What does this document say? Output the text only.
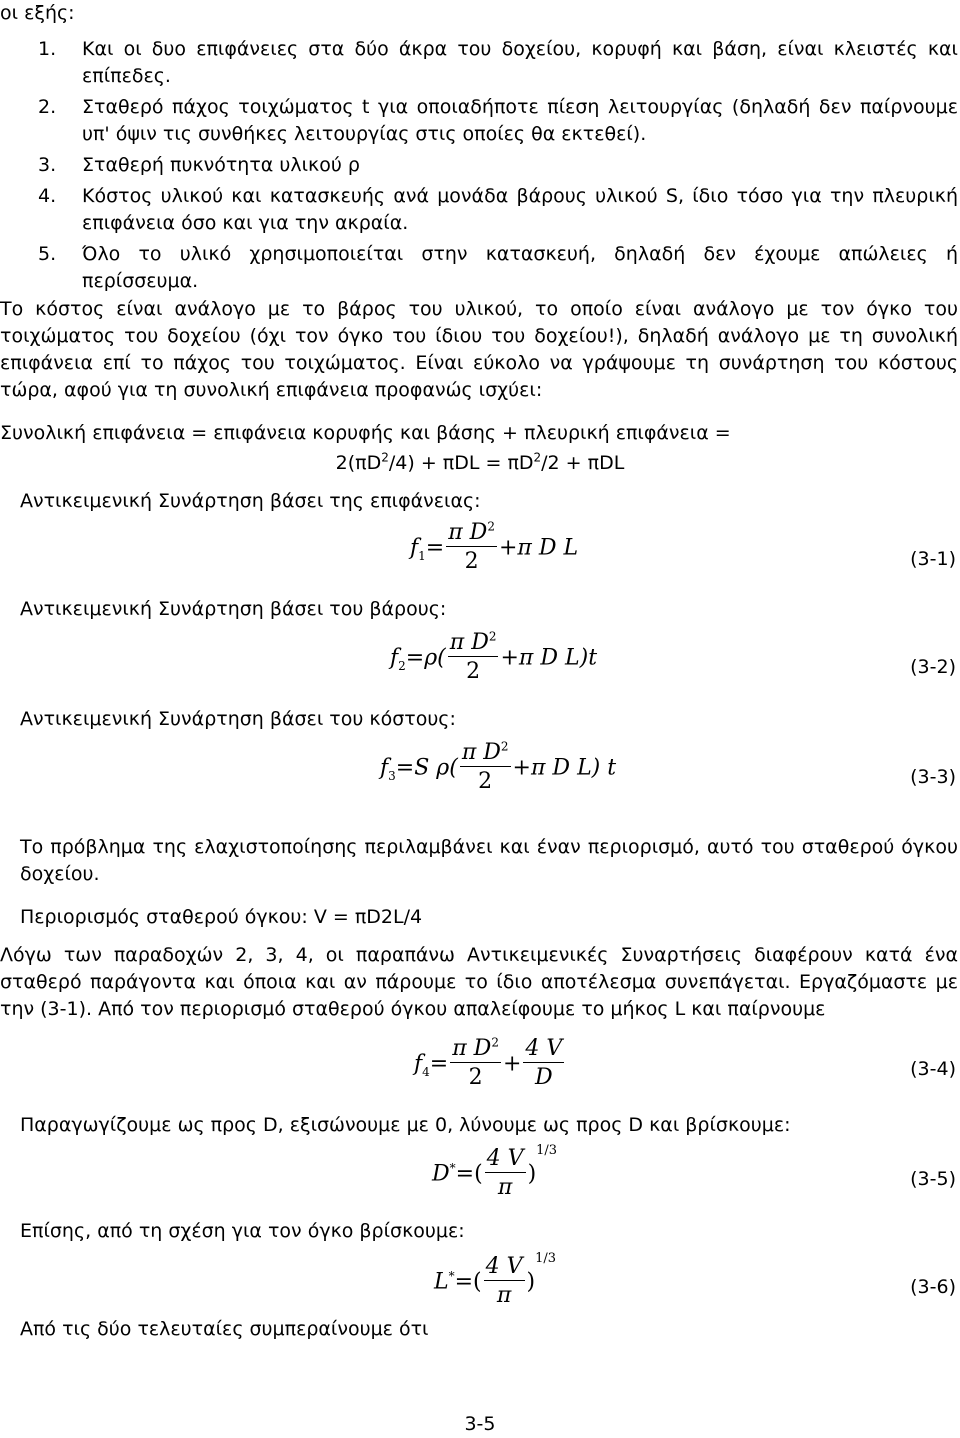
οι εξής:
1.	Και οι δυο επιφάνειες στα δύο άκρα του δοχείου, κορυφή και βάση, είναι κλειστές και επίπεδες.
2.	Σταθερό πάχος τοιχώματος t για οποιαδήποτε πίεση λειτουργίας (δηλαδή δεν παίρνουμε υπ' όψιν τις συνθήκες λειτουργίας στις οποίες θα εκτεθεί).
3.	Σταθερή πυκνότητα υλικού ρ
4.	Κόστος υλικού και κατασκευής ανά μονάδα βάρους υλικού S, ίδιο τόσο για την πλευρική επιφάνεια όσο και για την ακραία.
5.	Όλο το υλικό χρησιμοποιείται στην κατασκευή, δηλαδή δεν έχουμε απώλειες ή περίσσευμα.
Το κόστος είναι ανάλογο με το βάρος του υλικού, το οποίο είναι ανάλογο με τον όγκο του τοιχώματος του δοχείου (όχι τον όγκο του ίδιου του δοχείου!), δηλαδή ανάλογο με τη συνολική επιφάνεια επί το πάχος του τοιχώματος. Είναι εύκολο να γράψουμε τη συνάρτηση του κόστους τώρα, αφού για τη συνολική επιφάνεια προφανώς ισχύει:
Συνολική επιφάνεια = επιφάνεια κορυφής και βάσης + πλευρική επιφάνεια =
$2(\pi D^2/4) + \pi DL = \pi D^2/2 + \pi DL$
Αντικειμενική Συνάρτηση βάσει της επιφάνειας:
$f_1= \frac{\pi D^2}{2} +\pi$ D L	(3-1)
Αντικειμενική Συνάρτηση βάσει του βάρους:
$f_2=\rho( \frac{\pi D^2}{2} +\pi$ D L)t	(3-2)
Αντικειμενική Συνάρτηση βάσει του κόστους:
$f_3=S$ $\rho( \frac{\pi D^2}{2} +\pi$ D L) t	(3-3)
Το πρόβλημα της ελαχιστοποίησης περιλαμβάνει και έναν περιορισμό, αυτό του σταθερού όγκου δοχείου.
Περιορισμός σταθερού όγκου: V = πD2L/4
Λόγω των παραδοχών 2, 3, 4, οι παραπάνω Αντικειμενικές Συναρτήσεις διαφέρουν κατά ένα σταθερό παράγοντα και όποια και αν πάρουμε το ίδιο αποτέλεσμα συνεπάγεται. Εργαζόμαστε με την (3-1). Από τον περιορισμό σταθερού όγκου απαλείφουμε το μήκος L και παίρνουμε
$f_4= \frac{\pi D^2}{2} + \frac{4 V}{D}$	(3-4)
Παραγωγίζουμε ως προς D, εξισώνουμε με 0, λύνουμε ως προς D και βρίσκουμε:
$D^*=( \frac{4 V}{\pi} )^{1/3}$
(3-5)
Επίσης, από τη σχέση για τον όγκο βρίσκουμε:
$L^*=( \frac{4 V}{\pi} )^{1/3}$
(3-6)
Από τις δύο τελευταίες συμπεραίνουμε ότι
3-5
